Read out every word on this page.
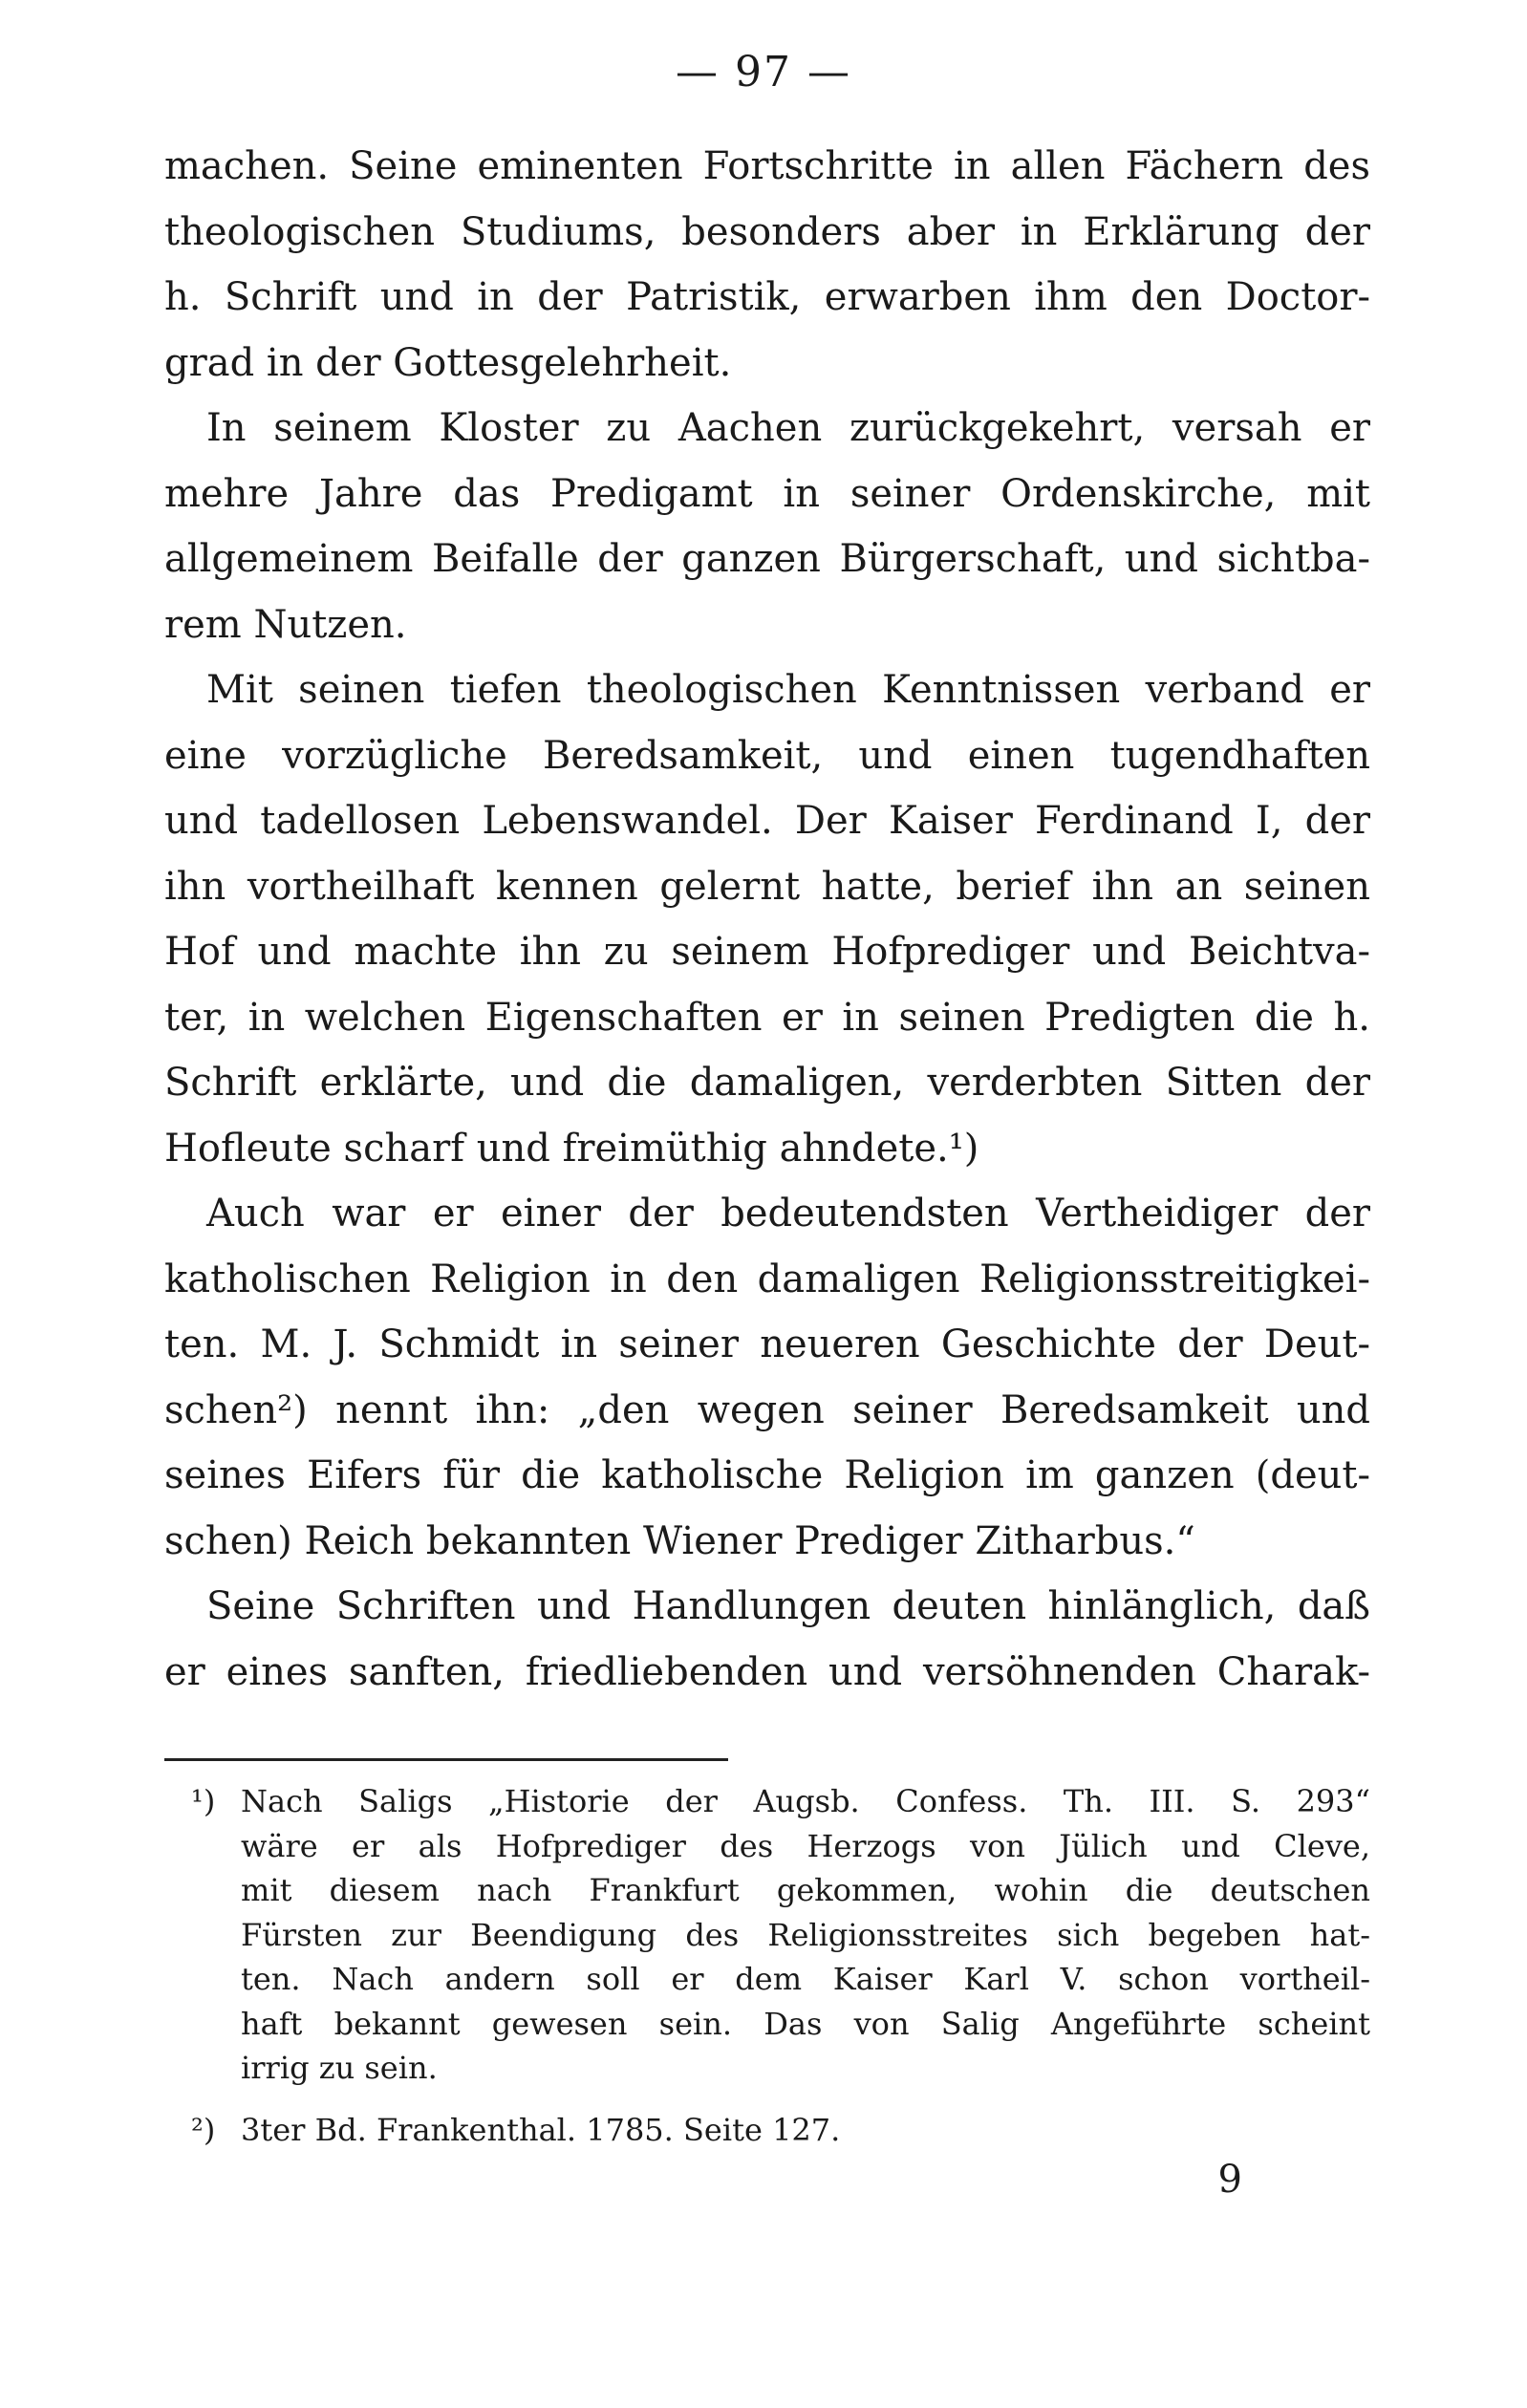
— 97 —
machen. Seine eminenten Fortschritte in allen Fächern des
theologischen Studiums, besonders aber in Erklärung der
h. Schrift und in der Patristik, erwarben ihm den Doctor-
grad in der Gottesgelehrheit.
In seinem Kloster zu Aachen zurückgekehrt, versah er
mehre Jahre das Predigamt in seiner Ordenskirche, mit
allgemeinem Beifalle der ganzen Bürgerschaft, und sichtba-
rem Nutzen.
Mit seinen tiefen theologischen Kenntnissen verband er
eine vorzügliche Beredsamkeit, und einen tugendhaften
und tadellosen Lebenswandel. Der Kaiser Ferdinand I, der
ihn vortheilhaft kennen gelernt hatte, berief ihn an seinen
Hof und machte ihn zu seinem Hofprediger und Beichtva-
ter, in welchen Eigenschaften er in seinen Predigten die h.
Schrift erklärte, und die damaligen, verderbten Sitten der
Hofleute scharf und freimüthig ahndete.¹)
Auch war er einer der bedeutendsten Vertheidiger der
katholischen Religion in den damaligen Religionsstreitigkei-
ten. M. J. Schmidt in seiner neueren Geschichte der Deut-
schen²) nennt ihn: „den wegen seiner Beredsamkeit und
seines Eifers für die katholische Religion im ganzen (deut-
schen) Reich bekannten Wiener Prediger Zitharbus.“
Seine Schriften und Handlungen deuten hinlänglich, daß
er eines sanften, friedliebenden und versöhnenden Charak-
¹) Nach Saligs „Historie der Augsb. Confess. Th. III. S. 293“
wäre er als Hofprediger des Herzogs von Jülich und Cleve,
mit diesem nach Frankfurt gekommen, wohin die deutschen
Fürsten zur Beendigung des Religionsstreites sich begeben hat-
ten. Nach andern soll er dem Kaiser Karl V. schon vortheil-
haft bekannt gewesen sein. Das von Salig Angeführte scheint
irrig zu sein.
²) 3ter Bd. Frankenthal. 1785. Seite 127.
9
